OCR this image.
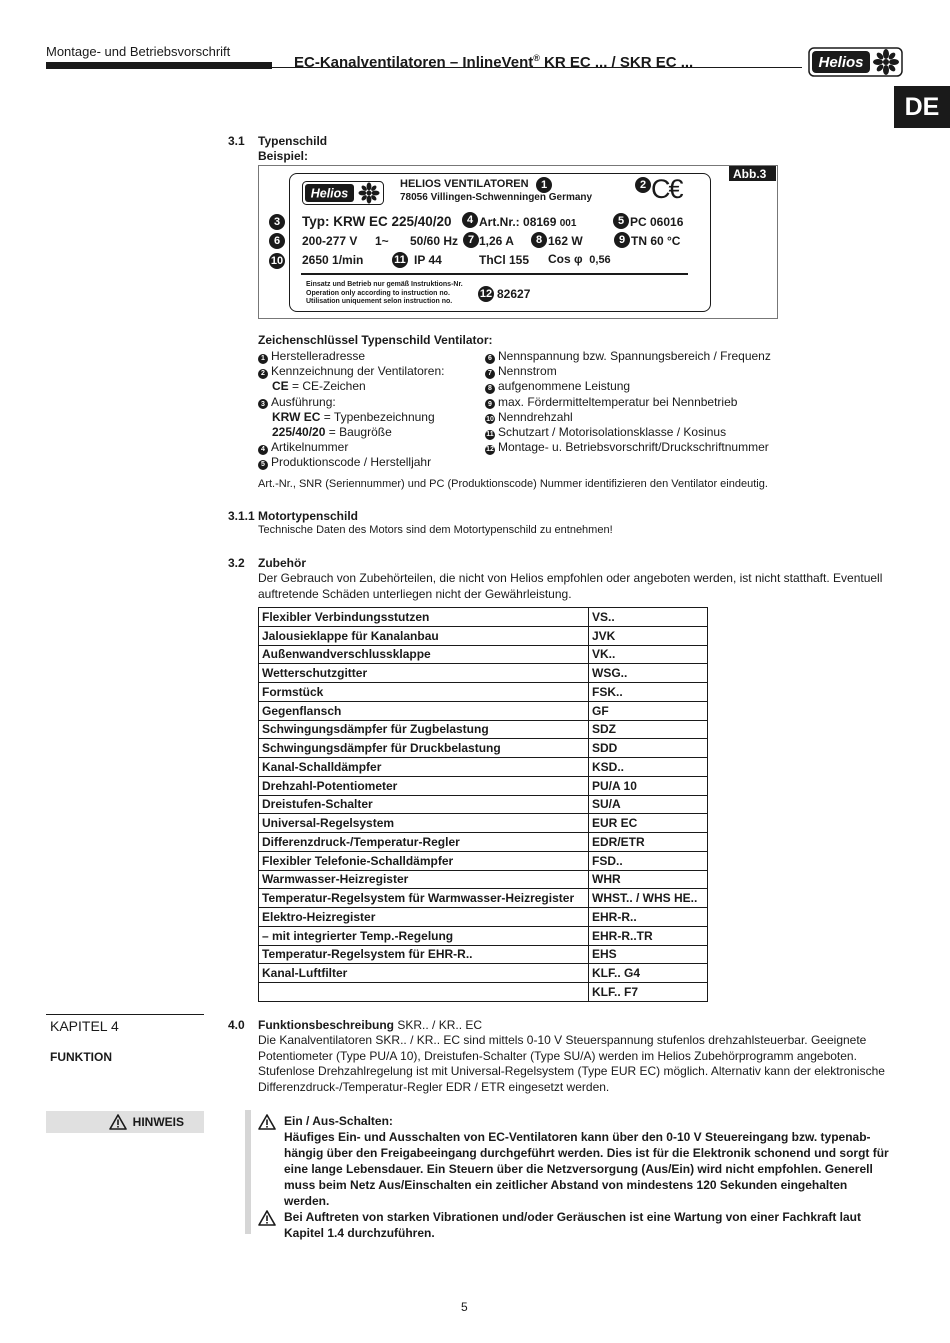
Montage- und Betriebsvorschrift
EC-Kanalventilatoren – InlineVent® KR EC ... / SKR EC ...	Helios
DE
3.1 Typenschild
Beispiel:
Abb.3
Helios
HELIOS VENTILATOREN	1
78056 Villingen-Schwenningen Germany
2 C€
3	Typ: KRW EC 225/40/20	4 Art.Nr.: 08169 001	5 PC 06016
6	200-277 V 1~ 50/60 Hz 7 1,26 A	8 162 W	9 TN 60 °C
10 2650 1/min	11 IP 44	ThCl 155 Cos φ 0,56
Einsatz und Betrieb nur gemäß Instruktions-Nr.
Operation only according to instruction no.
Utilisation uniquement selon instruction no.
12 82627
Zeichenschlüssel Typenschild Ventilator:
1 Herstelleradresse
2 Kennzeichnung der Ventilatoren:
CE = CE-Zeichen
3 Ausführung:
KRW EC = Typenbezeichnung
225/40/20 = Baugröße
4 Artikelnummer
5 Produktionscode / Herstelljahr
6 Nennspannung bzw. Spannungsbereich / Frequenz
7 Nennstrom
8 aufgenommene Leistung
9 max. Fördermitteltemperatur bei Nennbetrieb
10 Nenndrehzahl
11 Schutzart / Motorisolationsklasse / Kosinus
12 Montage- u. Betriebsvorschrift/Druckschriftnummer
Art.-Nr., SNR (Seriennummer) und PC (Produktionscode) Nummer identifizieren den Ventilator eindeutig.
3.1.1 Motortypenschild
Technische Daten des Motors sind dem Motortypenschild zu entnehmen!
3.2 Zubehör
Der Gebrauch von Zubehörteilen, die nicht von Helios empfohlen oder angeboten werden, ist nicht statthaft. Eventuell
auftretende Schäden unterliegen nicht der Gewährleistung.
Flexibler Verbindungsstutzen	VS..
Jalousieklappe für Kanalanbau	JVK
Außenwandverschlussklappe	VK..
Wetterschutzgitter	WSG..
Formstück	FSK..
Gegenflansch	GF
Schwingungsdämpfer für Zugbelastung	SDZ
Schwingungsdämpfer für Druckbelastung	SDD
Kanal-Schalldämpfer	KSD..
Drehzahl-Potentiometer	PU/A 10
Dreistufen-Schalter	SU/A
Universal-Regelsystem	EUR EC
Differenzdruck-/Temperatur-Regler	EDR/ETR
Flexibler Telefonie-Schalldämpfer	FSD..
Warmwasser-Heizregister	WHR
Temperatur-Regelsystem für Warmwasser-Heizregister	WHST.. / WHS HE..
Elektro-Heizregister	EHR-R..
– mit integrierter Temp.-Regelung	EHR-R..TR
Temperatur-Regelsystem für EHR-R..	EHS
Kanal-Luftfilter	KLF.. G4
	KLF.. F7
KAPITEL 4
FUNKTION
HINWEIS
4.0 Funktionsbeschreibung SKR.. / KR.. EC
Die Kanalventilatoren SKR.. / KR.. EC sind mittels 0-10 V Steuerspannung stufenlos drehzahlsteuerbar. Geeignete
Potentiometer (Type PU/A 10), Dreistufen-Schalter (Type SU/A) werden im Helios Zubehörprogramm angeboten.
Stufenlose Drehzahlregelung ist mit Universal-Regelsystem (Type EUR EC) möglich. Alternativ kann der elektronische
Differenzdruck-/Temperatur-Regler EDR / ETR eingesetzt werden.
Ein / Aus-Schalten:
Häufiges Ein- und Ausschalten von EC-Ventilatoren kann über den 0-10 V Steuereingang bzw. typenab-
hängig über den Freigabeeingang durchgeführt werden. Dies ist für die Elektronik schonend und sorgt für
eine lange Lebensdauer. Ein Steuern über die Netzversorgung (Aus/Ein) wird nicht empfohlen. Generell
muss beim Netz Aus/Einschalten ein zeitlicher Abstand von mindestens 120 Sekunden eingehalten
werden.
Bei Auftreten von starken Vibrationen und/oder Geräuschen ist eine Wartung von einer Fachkraft laut
Kapitel 1.4 durchzuführen.
5
